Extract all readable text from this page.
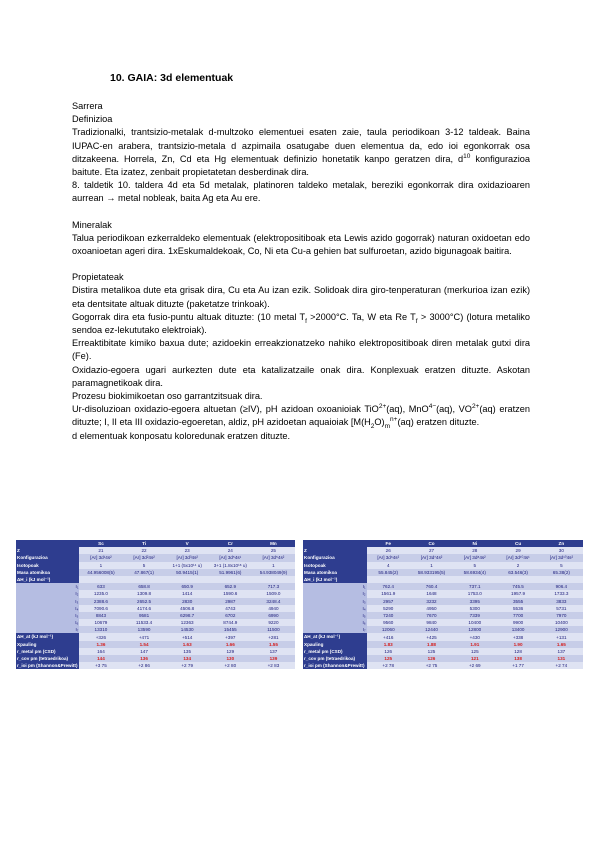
10. GAIA: 3d elementuak
Sarrera
Definizioa

Tradizionalki, trantsizio-metalak d-multzoko elementuei esaten zaie, taula periodikoan 3-12 taldeak. Baina IUPAC-en arabera, trantsizio-metala d azpimaila osatugabe duen elementua da, edo ioi egonkorrak osa ditzakeena. Horrela, Zn, Cd eta Hg elementuak definizio honetatik kanpo geratzen dira, $d^{10}$ konfigurazioa baitute. Eta izatez, zenbait propietatetan desberdinak dira.

8. taldetik 10. taldera 4d eta 5d metalak, platinoren taldeko metalak, bereziki egonkorrak dira oxidazioaren aurrean → metal nobleak, baita Ag eta Au ere.

Mineralak

Talua periodikoan ezkerraldeko elementuak (elektropositiboak eta Lewis azido gogorrak) naturan oxidoetan edo oxoanioetan ageri dira. 1xEskumaldekoak, Co, Ni eta Cu-a gehien bat sulfuroetan, azido bigunagoak baitira.

Propietateak

Distira metalikoa dute eta grisak dira, Cu eta Au izan ezik. Solidoak dira giro-tenperaturan (merkurioa izan ezik) eta dentsitate altuak dituzte (paketatze trinkoak).

Gogorrak dira eta fusio-puntu altuak dituzte: (10 metal $T_f >2000^\circ C$. Ta, W eta Re $T_f > 3000^\circ C$) (lotura metaliko sendoa ez-lekututako elektroiak).

Erreaktibitate kimiko baxua dute; azidoekin erreakzionatzeko nahiko elektropositiboak diren metalak gutxi dira (Fe).

Oxidazio-egoera ugari aurkezten dute eta katalizatzaile onak dira. Konplexuak eratzen dituzte. Askotan paramagnetikoak dira.

Prozesu biokimikoetan oso garrantzitsuak dira.

Ur-disoluzioan oxidazio-egoera altuetan (≥IV), pH azidoan oxoanioiak TiO$^{2+}$(aq), MnO$^{4-}$(aq), $VO^{2+}(aq)$ eratzen dituzte; I, II eta III oxidazio-egoeretan, aldiz, pH azidoetan aquaioiak [$M(H_2O)_m^{n+}(aq)$ eratzen dituzte.

d elementuak konposatu koloredunak eratzen dituzte.

	Sc	Ti	V	Cr	Mn
Z	21	22	23	24	25
Konfigurazioa	[Ar] 3d¹4s²	[Ar] 3d²4s²	[Ar] 3d³4s²	[Ar] 3d⁵4s¹	[Ar] 3d⁵4s²
Isotopoak	1	5	1+1 (5x10¹⁴ u)	3+1 (1.8x10¹⁸ u)	1
Masa atomikoa	44.956008(5)	47.867(1)	50.9415(1)	51.9961(6)	54.938049(9)
ΔH_i (kJ mol⁻¹)					
I₁	633	658.8	650.9	652.9	717.3
I₂	1235.0	1309.8	1414	1590.6	1509.0
I₃	2388.6	2652.5	2830	2987	3248.4
I₄	7090.6	4174.6	4506.8	4743	4940
I₅	8843	9581	6298.7	6702	6990
I₆	10679	11533.4	12363	8744.9	9220
I₇	13310	13590	14530	15455	11500
ΔH_at (kJ mol⁻¹)	+326	+471	+514	+397	+281
Xpauling	1.36	1.54	1.63	1.66	1.55
r_metal pm (CSD)	164	147	135	129	137
r_cov pm (tetraedrikoa)	144	136	134	130	139
r_ioi pm (Shannon&Prewitt)	+3 75	+2 86	+2 79	+2 80	+2 83
	Fe	Co	Ni	Cu	Zn
Z	26	27	28	29	30
Konfigurazioa	[Ar] 3d⁶4s²	[Ar] 3d⁷4s²	[Ar] 3d⁸4s²	[Ar] 3d¹⁰4s¹	[Ar] 3d¹⁰4s²
Isotopoak	4	1	5	2	5
Masa atomikoa	55.845(2)	58.933195(5)	58.6934(4)	63.546(3)	65.38(2)
ΔH_i (kJ mol⁻¹)					
I₁	762.4	760.4	737.1	745.5	906.4
I₂	1561.9	1648	1753.0	1957.9	1733.3
I₃	2957	3232	3395	3555	3833
I₄	5290	4950	5300	5536	5731
I₅	7240	7670	7339	7700	7970
I₆	9560	9840	10400	9900	10400
I₇	12060	12440	12800	13400	12900
ΔH_at (kJ mol⁻¹)	+416	+425	+430	+338	+131
Xpauling	1.83	1.88	1.91	1.90	1.65
r_metal pm (CSD)	126	125	125	128	137
r_cov pm (tetraedrikoa)	125	126	121	138	131
r_ioi pm (Shannon&Prewitt)	+2 78	+2 75	+2 69	+1 77	+2 74
